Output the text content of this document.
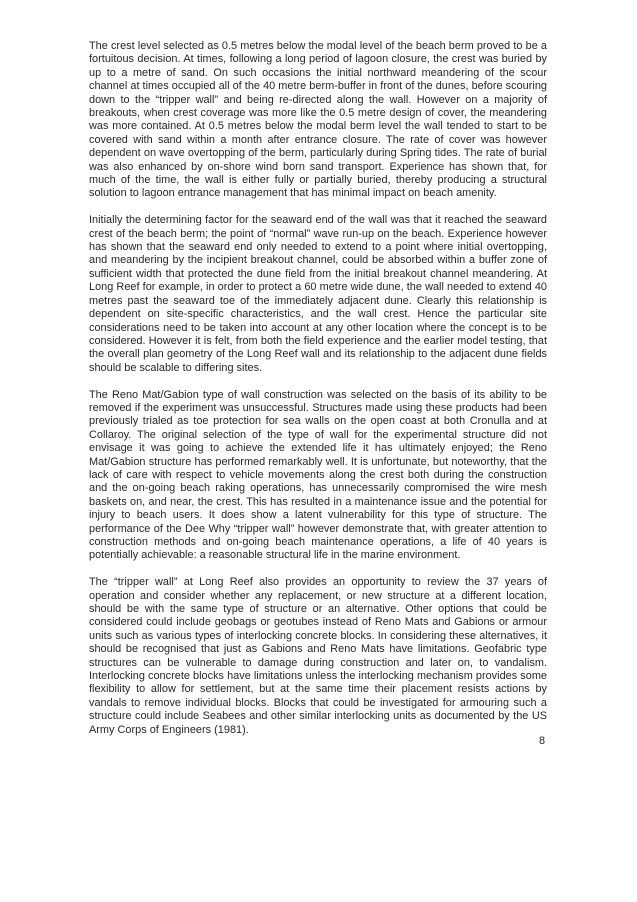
The crest level selected as 0.5 metres below the modal level of the beach berm proved to be a fortuitous decision. At times, following a long period of lagoon closure, the crest was buried by up to a metre of sand. On such occasions the initial northward meandering of the scour channel at times occupied all of the 40 metre berm-buffer in front of the dunes, before scouring down to the “tripper wall” and being re-directed along the wall. However on a majority of breakouts, when crest coverage was more like the 0.5 metre design of cover, the meandering was more contained. At 0.5 metres below the modal berm level the wall tended to start to be covered with sand within a month after entrance closure. The rate of cover was however dependent on wave overtopping of the berm, particularly during Spring tides. The rate of burial was also enhanced by on-shore wind born sand transport. Experience has shown that, for much of the time, the wall is either fully or partially buried, thereby producing a structural solution to lagoon entrance management that has minimal impact on beach amenity.

Initially the determining factor for the seaward end of the wall was that it reached the seaward crest of the beach berm; the point of “normal” wave run-up on the beach. Experience however has shown that the seaward end only needed to extend to a point where initial overtopping, and meandering by the incipient breakout channel, could be absorbed within a buffer zone of sufficient width that protected the dune field from the initial breakout channel meandering. At Long Reef for example, in order to protect a 60 metre wide dune, the wall needed to extend 40 metres past the seaward toe of the immediately adjacent dune. Clearly this relationship is dependent on site-specific characteristics, and the wall crest. Hence the particular site considerations need to be taken into account at any other location where the concept is to be considered. However it is felt, from both the field experience and the earlier model testing, that the overall plan geometry of the Long Reef wall and its relationship to the adjacent dune fields should be scalable to differing sites.

The Reno Mat/Gabion type of wall construction was selected on the basis of its ability to be removed if the experiment was unsuccessful. Structures made using these products had been previously trialed as toe protection for sea walls on the open coast at both Cronulla and at Collaroy. The original selection of the type of wall for the experimental structure did not envisage it was going to achieve the extended life it has ultimately enjoyed; the Reno Mat/Gabion structure has performed remarkably well. It is unfortunate, but noteworthy, that the lack of care with respect to vehicle movements along the crest both during the construction and the on-going beach raking operations, has unnecessarily compromised the wire mesh baskets on, and near, the crest. This has resulted in a maintenance issue and the potential for injury to beach users. It does show a latent vulnerability for this type of structure. The performance of the Dee Why “tripper wall” however demonstrate that, with greater attention to construction methods and on-going beach maintenance operations, a life of 40 years is potentially achievable: a reasonable structural life in the marine environment.

The “tripper wall” at Long Reef also provides an opportunity to review the 37 years of operation and consider whether any replacement, or new structure at a different location, should be with the same type of structure or an alternative. Other options that could be considered could include geobags or geotubes instead of Reno Mats and Gabions or armour units such as various types of interlocking concrete blocks. In considering these alternatives, it should be recognised that just as Gabions and Reno Mats have limitations. Geofabric type structures can be vulnerable to damage during construction and later on, to vandalism. Interlocking concrete blocks have limitations unless the interlocking mechanism provides some flexibility to allow for settlement, but at the same time their placement resists actions by vandals to remove individual blocks. Blocks that could be investigated for armouring such a structure could include Seabees and other similar interlocking units as documented by the US Army Corps of Engineers (1981).

8
